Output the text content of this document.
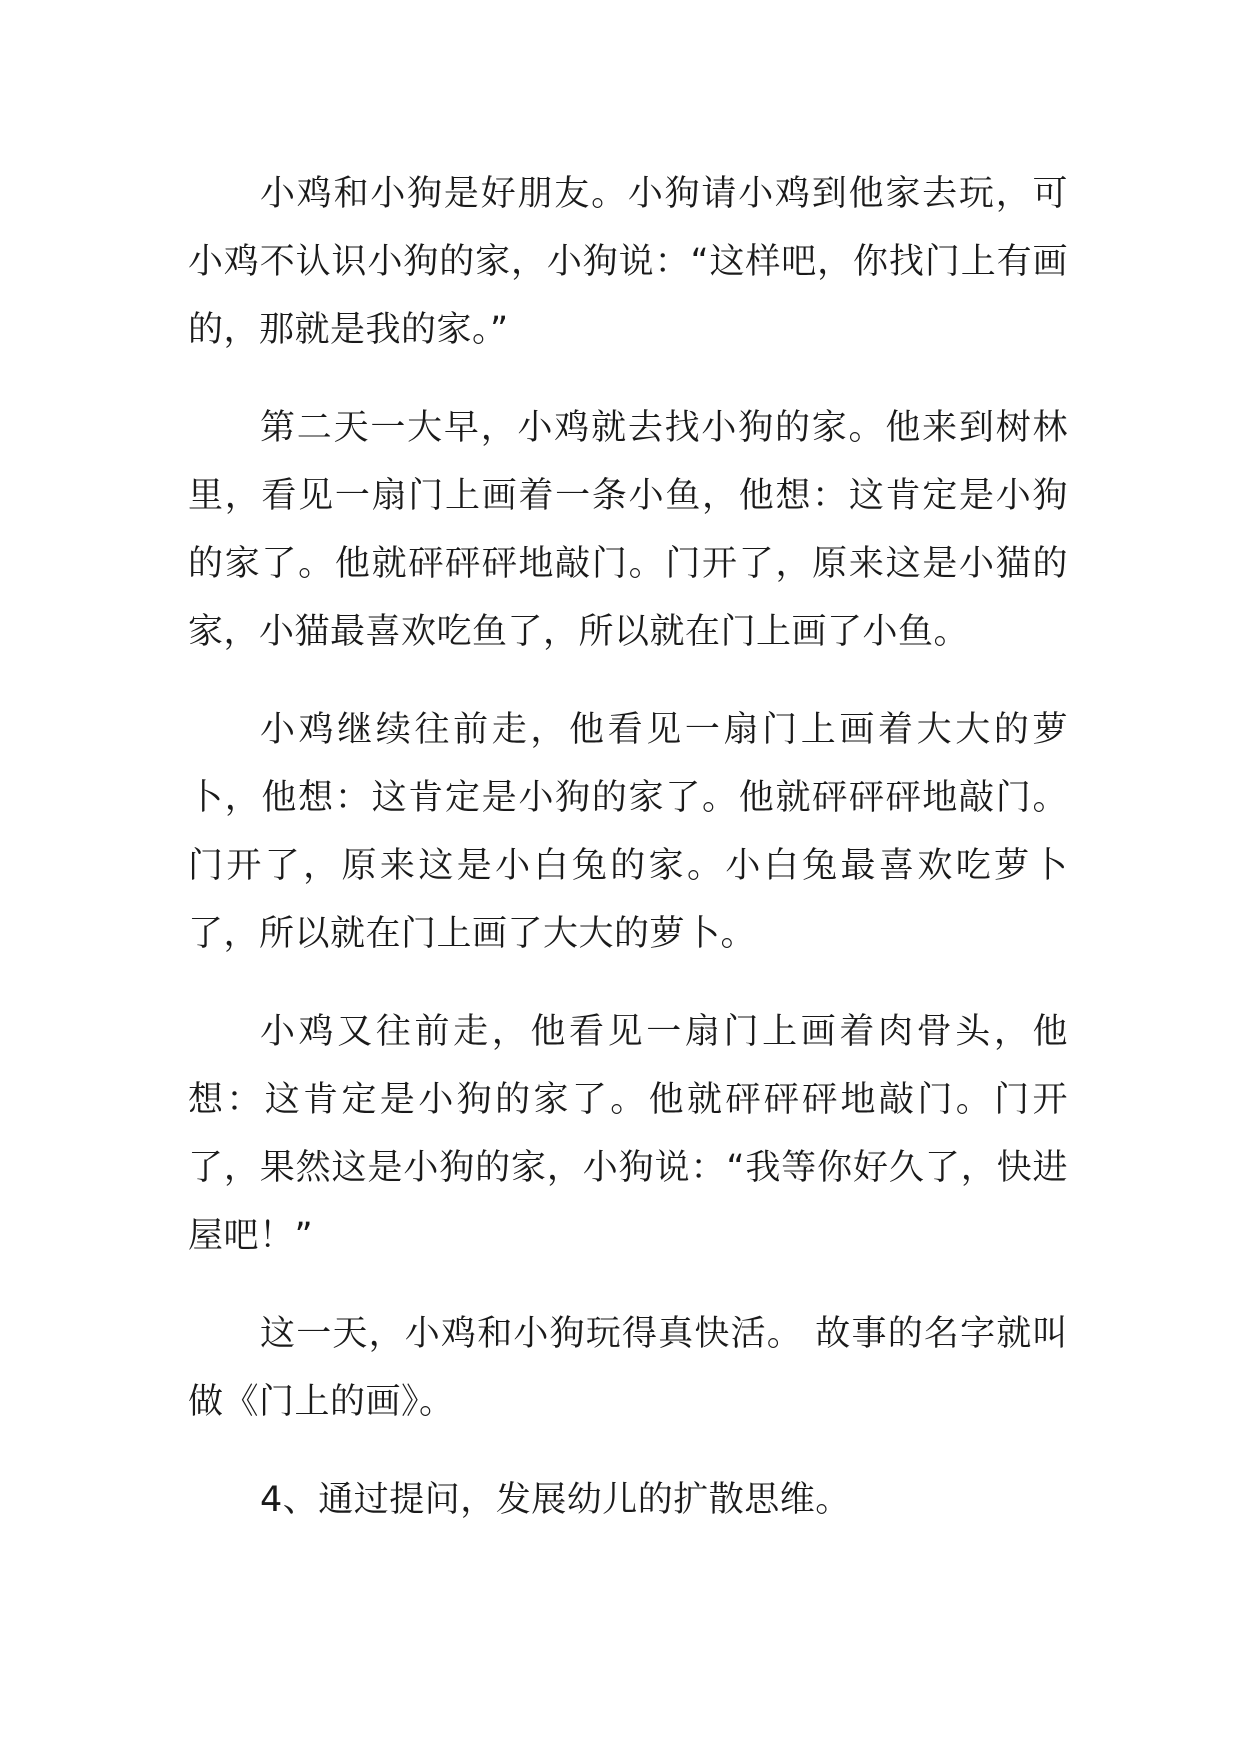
小鸡和小狗是好朋友。小狗请小鸡到他家去玩，可小鸡不认识小狗的家，小狗说：“这样吧，你找门上有画的，那就是我的家。”

第二天一大早，小鸡就去找小狗的家。他来到树林里，看见一扇门上画着一条小鱼，他想：这肯定是小狗的家了。他就砰砰砰地敲门。门开了，原来这是小猫的家，小猫最喜欢吃鱼了，所以就在门上画了小鱼。

小鸡继续往前走，他看见一扇门上画着大大的萝卜，他想：这肯定是小狗的家了。他就砰砰砰地敲门。门开了，原来这是小白兔的家。小白兔最喜欢吃萝卜了，所以就在门上画了大大的萝卜。

小鸡又往前走，他看见一扇门上画着肉骨头，他想：这肯定是小狗的家了。他就砰砰砰地敲门。门开了，果然这是小狗的家，小狗说：“我等你好久了，快进屋吧！”

这一天，小鸡和小狗玩得真快活。 故事的名字就叫做《门上的画》。

4、通过提问，发展幼儿的扩散思维。
